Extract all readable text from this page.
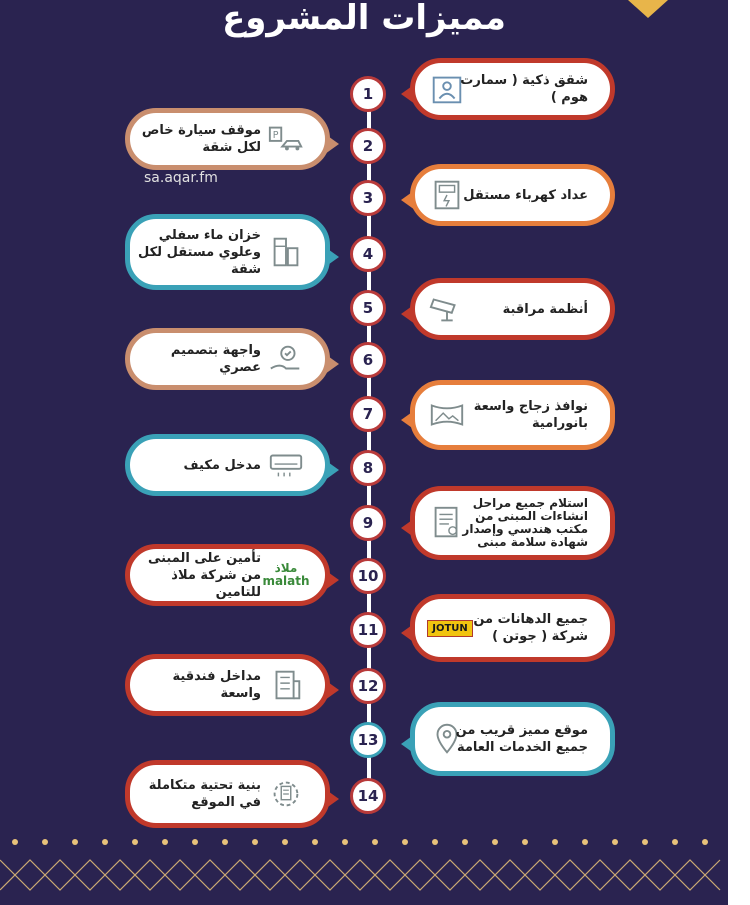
مميزات المشروع
sa.aqar.fm
شقق ذكية ( سمارت هوم )
1
P
موقف سيارة خاص لكل شقة	2
عداد كهرباء مستقل
3
خزان ماء سفلي وعلوي مستقل لكل شقة
4
أنظمة مراقبة
5
واجهة بتصميم عصري	6
نوافذ زجاج واسعة بانورامية
7
مدخل مكيف	8
استلام جميع مراحل انشاءات المبنى من مكتب هندسي وإصدار شهادة سلامة مبنى
9
ملاذ
malath
تأمين على المبنى من شركة ملاذ للتامين
10
JOTUN
جميع الدهانات من شركة ( جوتن )
11
مداخل فندقية واسعة	12
موقع مميز قريب من جميع الخدمات العامة
13
بنية تحتية متكاملة في الموقع	14
